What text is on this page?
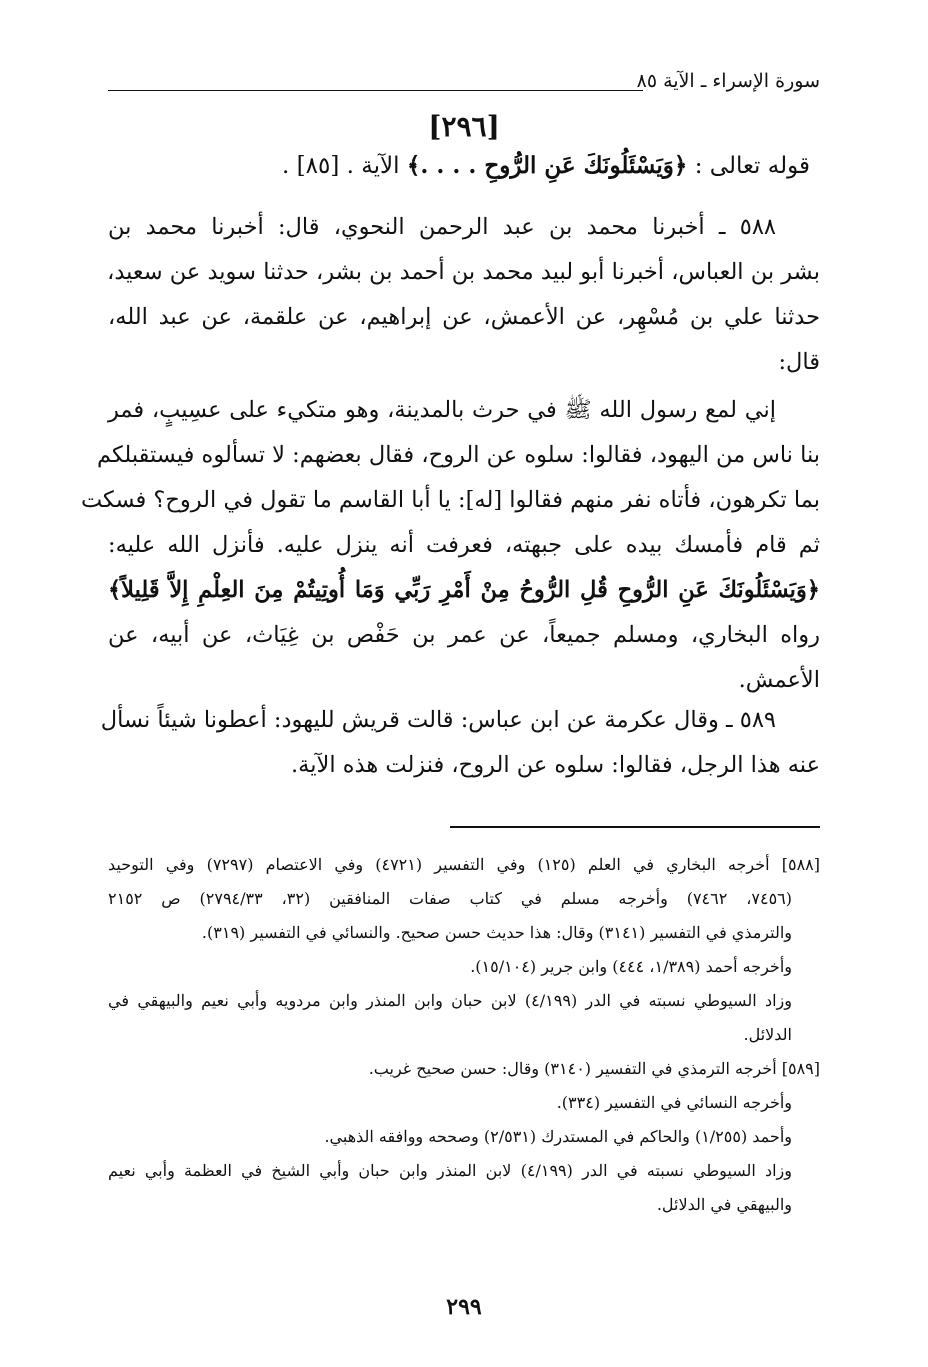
سورة الإسراء ـ الآية ٨٥
[٢٩٦]
قوله تعالى : ﴿وَيَسْئَلُونَكَ عَنِ الرُّوحِ . . . .﴾ الآية . [٨٥] .
٥٨٨ ـ أخبرنا محمد بن عبد الرحمن النحوي، قال: أخبرنا محمد بن
بشر بن العباس، أخبرنا أبو لبيد محمد بن أحمد بن بشر، حدثنا سويد عن سعيد،
حدثنا علي بن مُسْهِر، عن الأعمش، عن إبراهيم، عن علقمة، عن عبد الله،
قال:
إني لمع رسول الله ﷺ في حرث بالمدينة، وهو متكيء على عسِيبٍ، فمر
بنا ناس من اليهود، فقالوا: سلوه عن الروح، فقال بعضهم: لا تسألوه فيستقبلكم
بما تكرهون، فأتاه نفر منهم فقالوا [له]: يا أبا القاسم ما تقول في الروح؟ فسكت
ثم قام فأمسك بيده على جبهته، فعرفت أنه ينزل عليه. فأنزل الله عليه:
﴿وَيَسْئَلُونَكَ عَنِ الرُّوحِ قُلِ الرُّوحُ مِنْ أَمْرِ رَبِّي وَمَا أُوتِيتُمْ مِنَ العِلْمِ إِلاَّ قَلِيلاً﴾
رواه البخاري، ومسلم جميعاً، عن عمر بن حَفْص بن غِيَاث، عن أبيه، عن
الأعمش.
٥٨٩ ـ وقال عكرمة عن ابن عباس: قالت قريش لليهود: أعطونا شيئاً نسأل
عنه هذا الرجل، فقالوا: سلوه عن الروح، فنزلت هذه الآية.
[٥٨٨] أخرجه البخاري في العلم (١٢٥) وفي التفسير (٤٧٢١) وفي الاعتصام (٧٢٩٧) وفي التوحيد
(٧٤٥٦، ٧٤٦٢) وأخرجه مسلم في كتاب صفات المنافقين (٣٢، ٢٧٩٤/٣٣) ص ٢١٥٢
والترمذي في التفسير (٣١٤١) وقال: هذا حديث حسن صحيح. والنسائي في التفسير (٣١٩).
وأخرجه أحمد (١/٣٨٩، ٤٤٤) وابن جرير (١٥/١٠٤).
وزاد السيوطي نسبته في الدر (٤/١٩٩) لابن حبان وابن المنذر وابن مردويه وأبي نعيم والبيهقي في
الدلائل.
[٥٨٩] أخرجه الترمذي في التفسير (٣١٤٠) وقال: حسن صحيح غريب.
وأخرجه النسائي في التفسير (٣٣٤).
وأحمد (١/٢٥٥) والحاكم في المستدرك (٢/٥٣١) وصححه ووافقه الذهبي.
وزاد السيوطي نسبته في الدر (٤/١٩٩) لابن المنذر وابن حبان وأبي الشيخ في العظمة وأبي نعيم
والبيهقي في الدلائل.
٢٩٩
